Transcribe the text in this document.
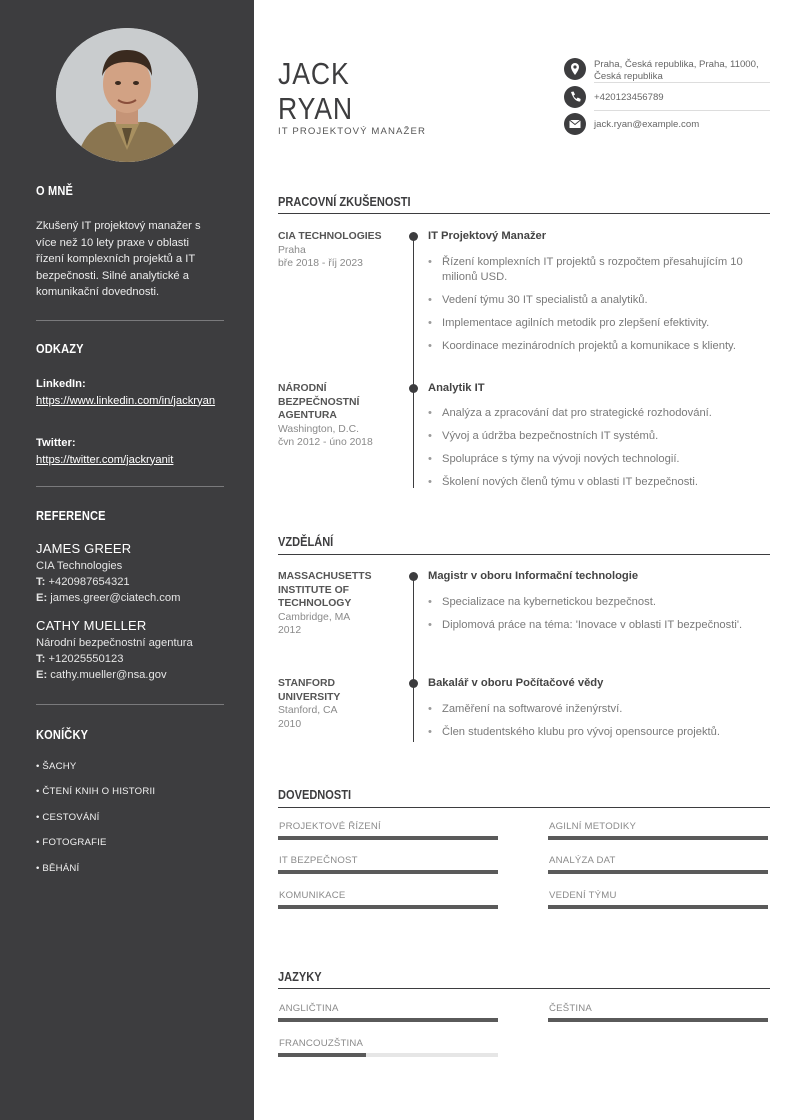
O MNĚ
Zkušený IT projektový manažer s více než 10 lety praxe v oblasti řízení komplexních projektů a IT bezpečnosti. Silné analytické a komunikační dovednosti.
ODKAZY
LinkedIn:
https://www.linkedin.com/in/jackryan
Twitter:
https://twitter.com/jackryanit
REFERENCE
JAMES GREER
CIA Technologies
T: +420987654321
E: james.greer@ciatech.com
CATHY MUELLER
Národní bezpečnostní agentura
T: +12025550123
E: cathy.mueller@nsa.gov
KONÍČKY
• ŠACHY
• ČTENÍ KNIH O HISTORII
• CESTOVÁNÍ
• FOTOGRAFIE
• BĚHÁNÍ
JACK
RYAN
IT PROJEKTOVÝ MANAŽER
Praha, Česká republika, Praha, 11000, Česká republika
+420123456789
jack.ryan@example.com
PRACOVNÍ ZKUŠENOSTI
CIA TECHNOLOGIES
Praha
bře 2018 - říj 2023
IT Projektový Manažer
• Řízení komplexních IT projektů s rozpočtem přesahujícím 10 milionů USD.
• Vedení týmu 30 IT specialistů a analytiků.
• Implementace agilních metodik pro zlepšení efektivity.
• Koordinace mezinárodních projektů a komunikace s klienty.
NÁRODNÍ BEZPEČNOSTNÍ AGENTURA
Washington, D.C.
čvn 2012 - úno 2018
Analytik IT
• Analýza a zpracování dat pro strategické rozhodování.
• Vývoj a údržba bezpečnostních IT systémů.
• Spolupráce s týmy na vývoji nových technologií.
• Školení nových členů týmu v oblasti IT bezpečnosti.
VZDĚLÁNÍ
MASSACHUSETTS INSTITUTE OF TECHNOLOGY
Cambridge, MA
2012
Magistr v oboru Informační technologie
• Specializace na kybernetickou bezpečnost.
• Diplomová práce na téma: 'Inovace v oblasti IT bezpečnosti'.
STANFORD UNIVERSITY
Stanford, CA
2010
Bakalář v oboru Počítačové vědy
• Zaměření na softwarové inženýrství.
• Člen studentského klubu pro vývoj opensource projektů.
DOVEDNOSTI
PROJEKTOVÉ ŘÍZENÍ	AGILNÍ METODIKY
IT BEZPEČNOST	ANALÝZA DAT
KOMUNIKACE	VEDENÍ TÝMU
JAZYKY
ANGLIČTINA	ČEŠTINA
FRANCOUZŠTINA
